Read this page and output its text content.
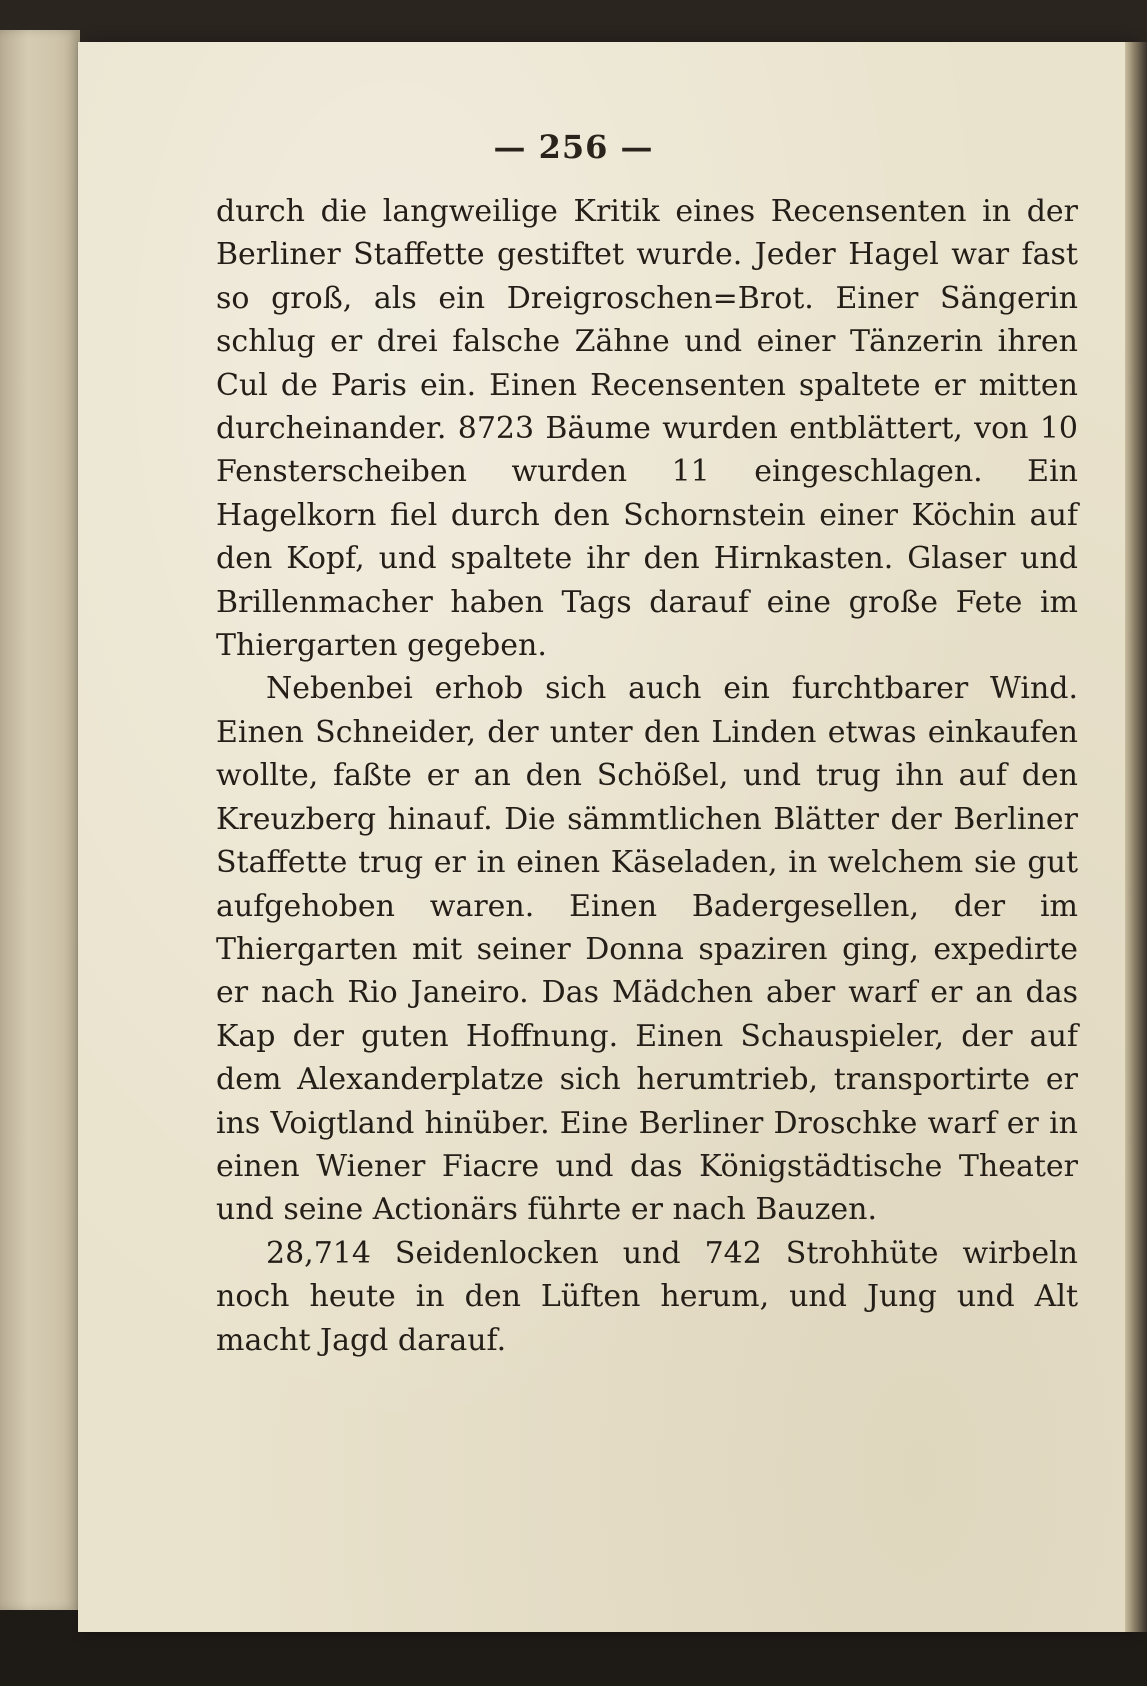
— 256 —

durch die langweilige Kritik eines Recensenten in der Berliner Staffette gestiftet wurde. Jeder Hagel war fast so groß, als ein Dreigroschen=Brot. Einer Sängerin schlug er drei falsche Zähne und einer Tänzerin ihren Cul de Paris ein. Einen Recensenten spaltete er mitten durcheinander. 8723 Bäume wurden entblättert, von 10 Fensterscheiben wurden 11 eingeschlagen. Ein Hagelkorn fiel durch den Schornstein einer Köchin auf den Kopf, und spaltete ihr den Hirnkasten. Glaser und Brillenmacher haben Tags darauf eine große Fete im Thiergarten gegeben.

Nebenbei erhob sich auch ein furchtbarer Wind. Einen Schneider, der unter den Linden etwas einkaufen wollte, faßte er an den Schößel, und trug ihn auf den Kreuzberg hinauf. Die sämmtlichen Blätter der Berliner Staffette trug er in einen Käseladen, in welchem sie gut aufgehoben waren. Einen Badergesellen, der im Thiergarten mit seiner Donna spaziren ging, expedirte er nach Rio Janeiro. Das Mädchen aber warf er an das Kap der guten Hoffnung. Einen Schauspieler, der auf dem Alexanderplatze sich herumtrieb, transportirte er ins Voigtland hinüber. Eine Berliner Droschke warf er in einen Wiener Fiacre und das Königstädtische Theater und seine Actionärs führte er nach Bauzen.

28,714 Seidenlocken und 742 Strohhüte wirbeln noch heute in den Lüften herum, und Jung und Alt macht Jagd darauf.
